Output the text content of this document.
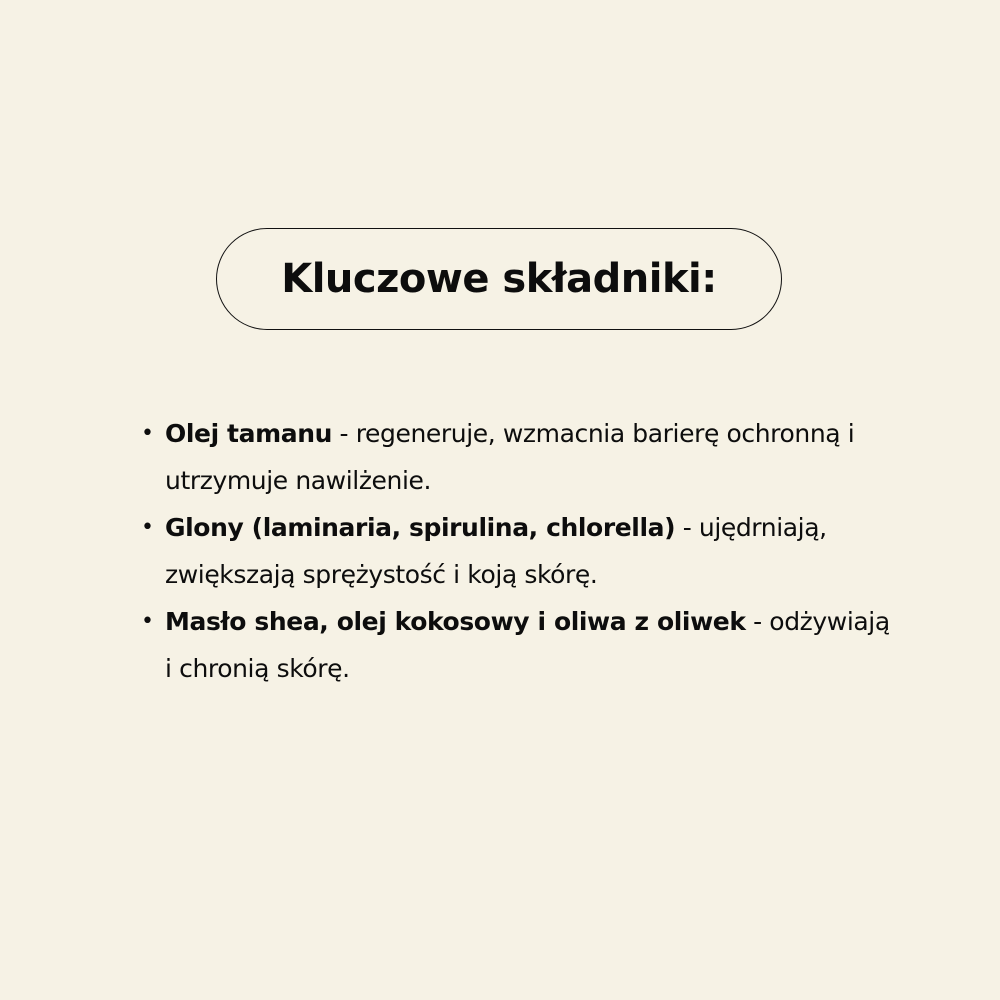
Kluczowe składniki:
• Olej tamanu - regeneruje, wzmacnia barierę ochronną i utrzymuje nawilżenie.
• Glony (laminaria, spirulina, chlorella) - ujędrniają, zwiększają sprężystość i koją skórę.
• Masło shea, olej kokosowy i oliwa z oliwek - odżywiają i chronią skórę.
